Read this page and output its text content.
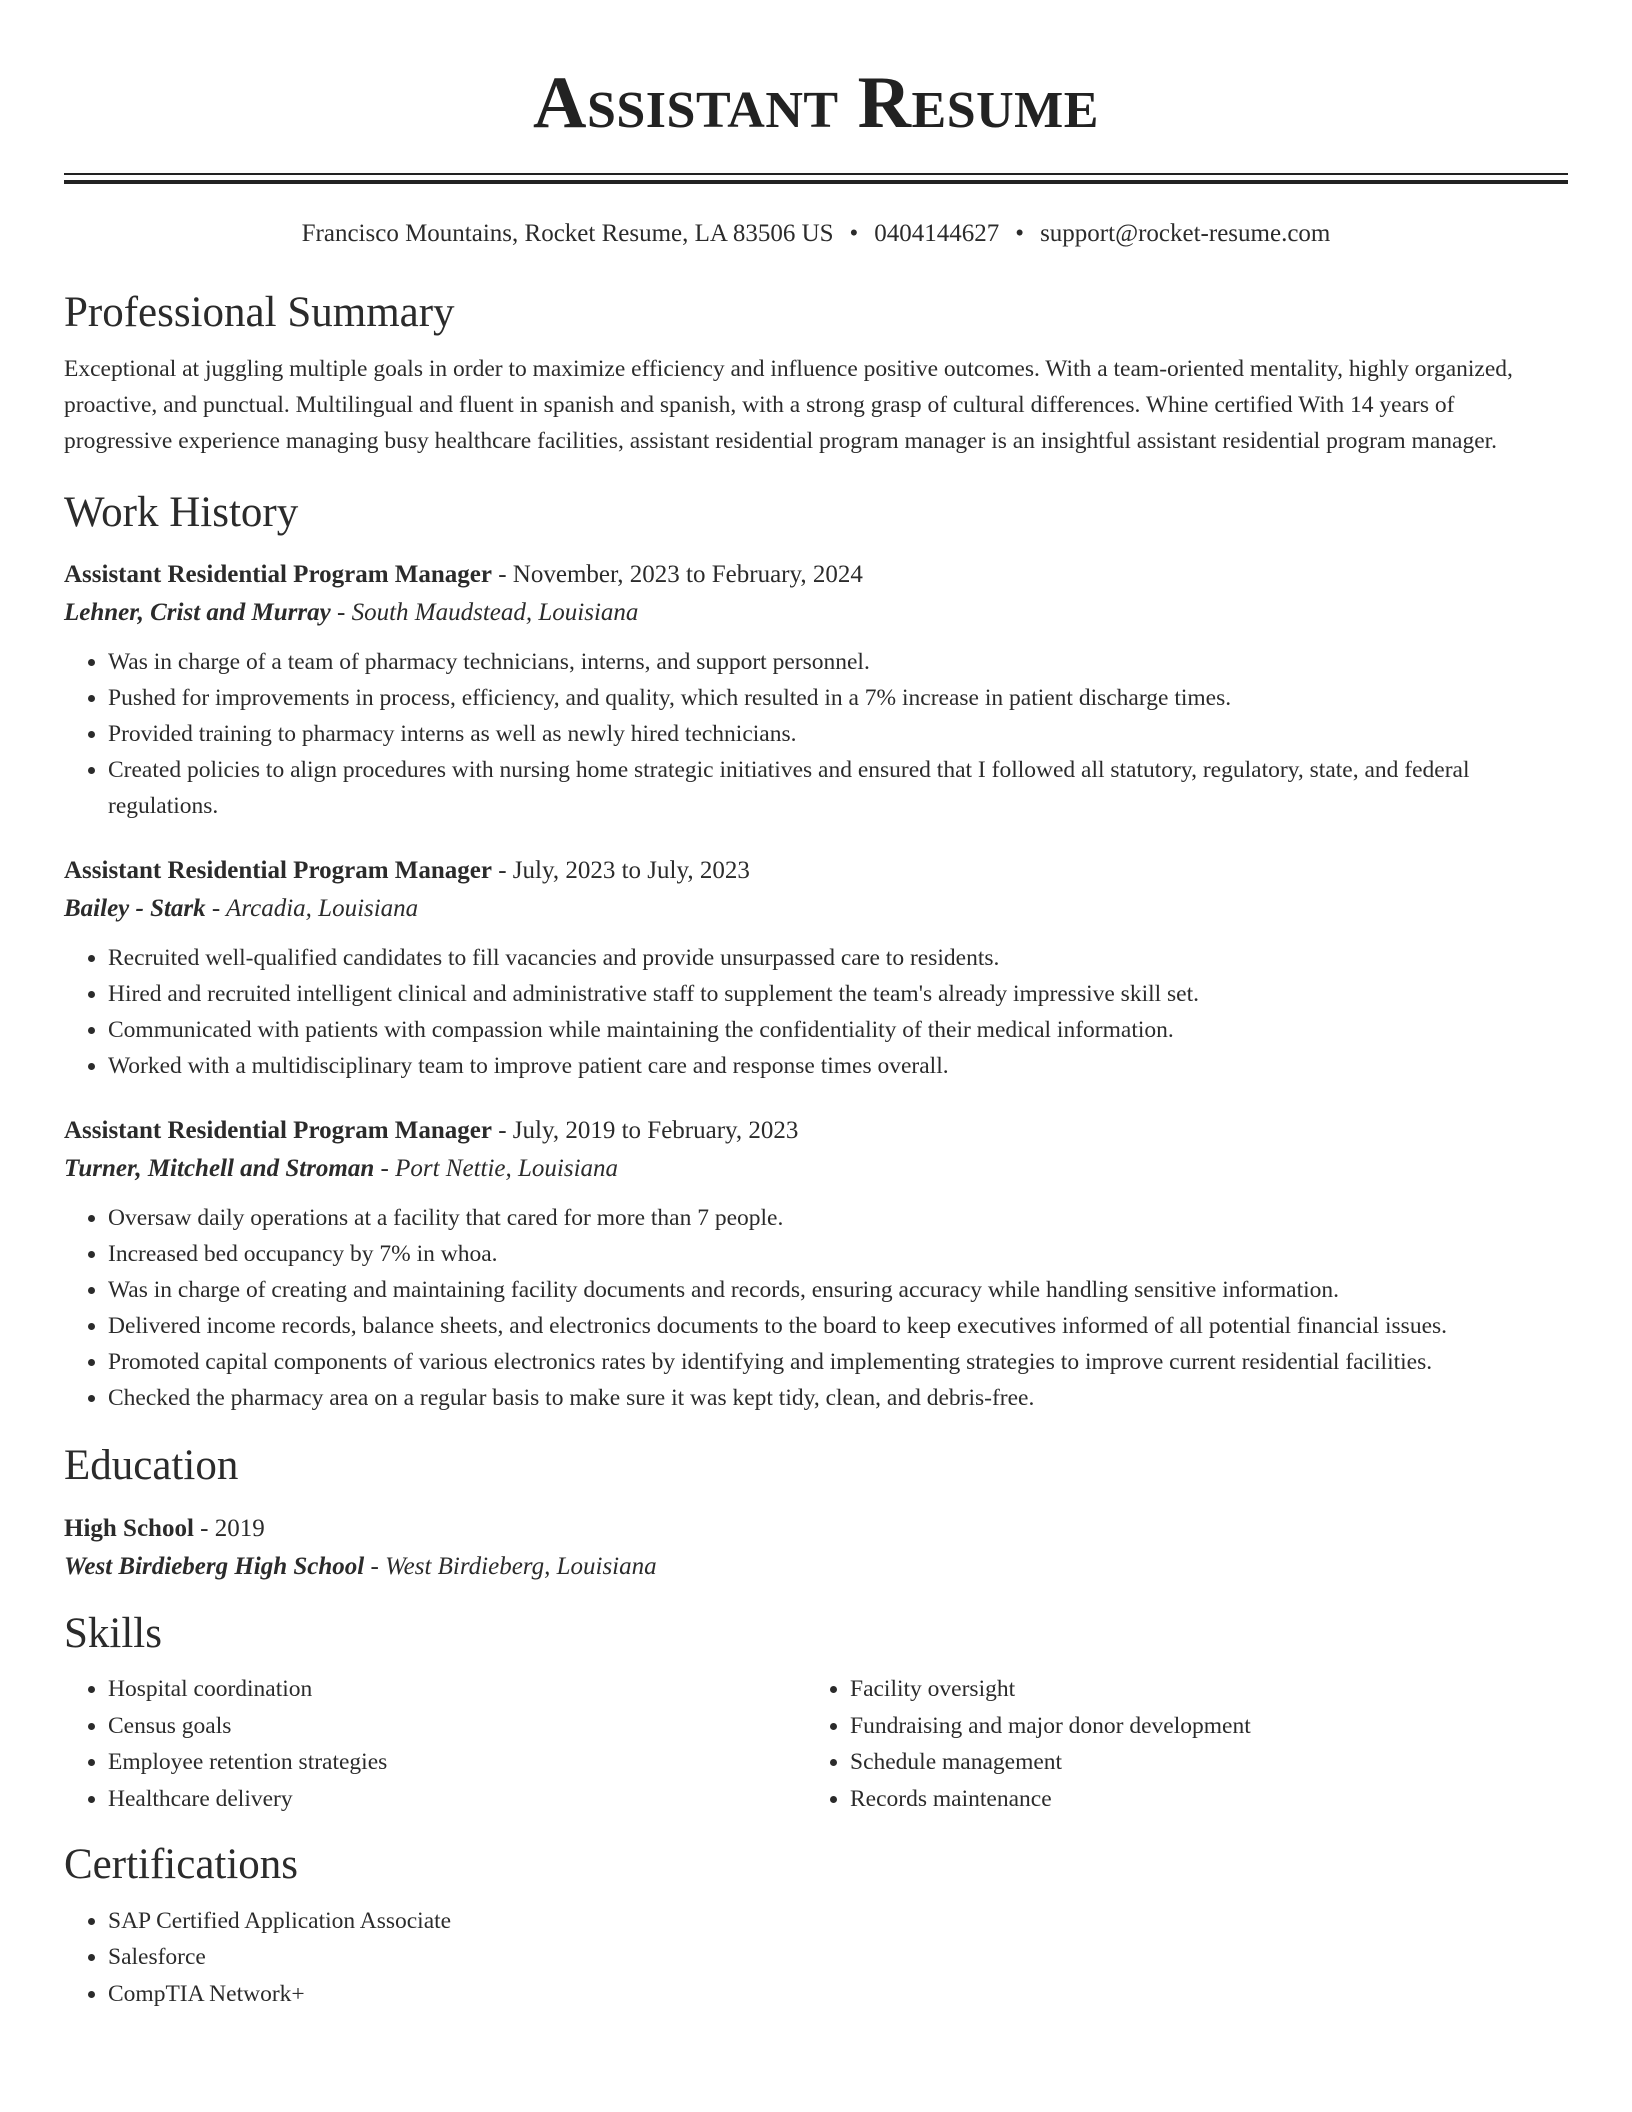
Assistant Resume
Francisco Mountains, Rocket Resume, LA 83506 US • 0404144627 • support@rocket-resume.com
Professional Summary

Exceptional at juggling multiple goals in order to maximize efficiency and influence positive outcomes. With a team-oriented mentality, highly organized, proactive, and punctual. Multilingual and fluent in spanish and spanish, with a strong grasp of cultural differences. Whine certified With 14 years of progressive experience managing busy healthcare facilities, assistant residential program manager is an insightful assistant residential program manager.

Work History
Assistant Residential Program Manager - November, 2023 to February, 2024
Lehner, Crist and Murray - South Maudstead, Louisiana
• Was in charge of a team of pharmacy technicians, interns, and support personnel.
• Pushed for improvements in process, efficiency, and quality, which resulted in a 7% increase in patient discharge times.
• Provided training to pharmacy interns as well as newly hired technicians.
• Created policies to align procedures with nursing home strategic initiatives and ensured that I followed all statutory, regulatory, state, and federal regulations.
Assistant Residential Program Manager - July, 2023 to July, 2023
Bailey - Stark - Arcadia, Louisiana
• Recruited well-qualified candidates to fill vacancies and provide unsurpassed care to residents.
• Hired and recruited intelligent clinical and administrative staff to supplement the team's already impressive skill set.
• Communicated with patients with compassion while maintaining the confidentiality of their medical information.
• Worked with a multidisciplinary team to improve patient care and response times overall.
Assistant Residential Program Manager - July, 2019 to February, 2023
Turner, Mitchell and Stroman - Port Nettie, Louisiana
• Oversaw daily operations at a facility that cared for more than 7 people.
• Increased bed occupancy by 7% in whoa.
• Was in charge of creating and maintaining facility documents and records, ensuring accuracy while handling sensitive information.
• Delivered income records, balance sheets, and electronics documents to the board to keep executives informed of all potential financial issues.
• Promoted capital components of various electronics rates by identifying and implementing strategies to improve current residential facilities.
• Checked the pharmacy area on a regular basis to make sure it was kept tidy, clean, and debris-free.
Education
High School - 2019
West Birdieberg High School - West Birdieberg, Louisiana
Skills
• Hospital coordination
• Census goals
• Employee retention strategies
• Healthcare delivery
• Facility oversight
• Fundraising and major donor development
• Schedule management
• Records maintenance
Certifications
• SAP Certified Application Associate
• Salesforce
• CompTIA Network+
